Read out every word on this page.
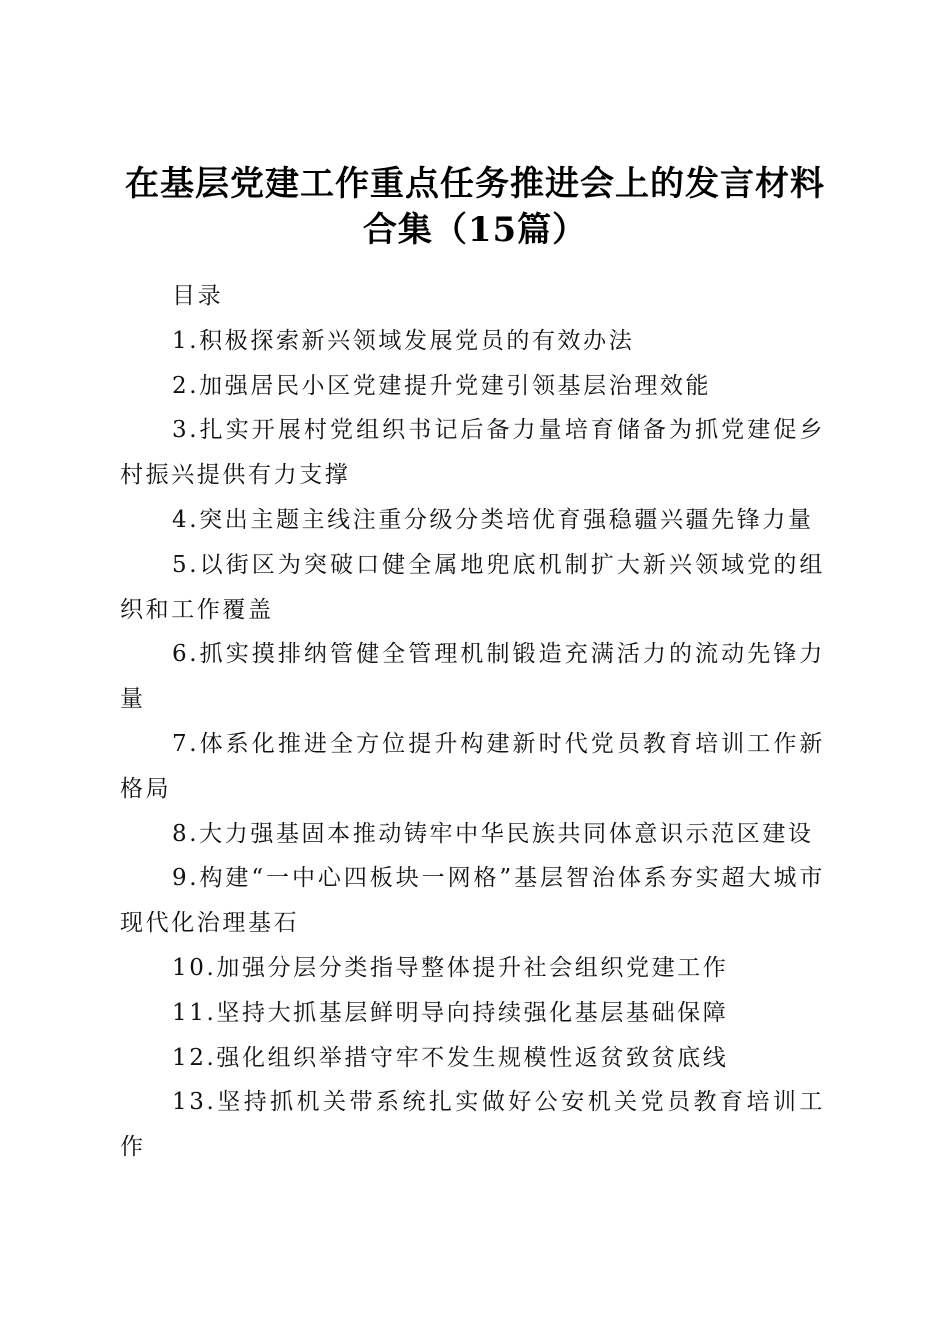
在基层党建工作重点任务推进会上的发言材料
合集（15篇）

目录

1.积极探索新兴领域发展党员的有效办法

2.加强居民小区党建提升党建引领基层治理效能

3.扎实开展村党组织书记后备力量培育储备为抓党建促乡村振兴提供有力支撑

4.突出主题主线注重分级分类培优育强稳疆兴疆先锋力量

5.以街区为突破口健全属地兜底机制扩大新兴领域党的组织和工作覆盖

6.抓实摸排纳管健全管理机制锻造充满活力的流动先锋力量

7.体系化推进全方位提升构建新时代党员教育培训工作新格局

8.大力强基固本推动铸牢中华民族共同体意识示范区建设

9.构建“一中心四板块一网格”基层智治体系夯实超大城市现代化治理基石

10.加强分层分类指导整体提升社会组织党建工作

11.坚持大抓基层鲜明导向持续强化基层基础保障

12.强化组织举措守牢不发生规模性返贫致贫底线

13.坚持抓机关带系统扎实做好公安机关党员教育培训工作
